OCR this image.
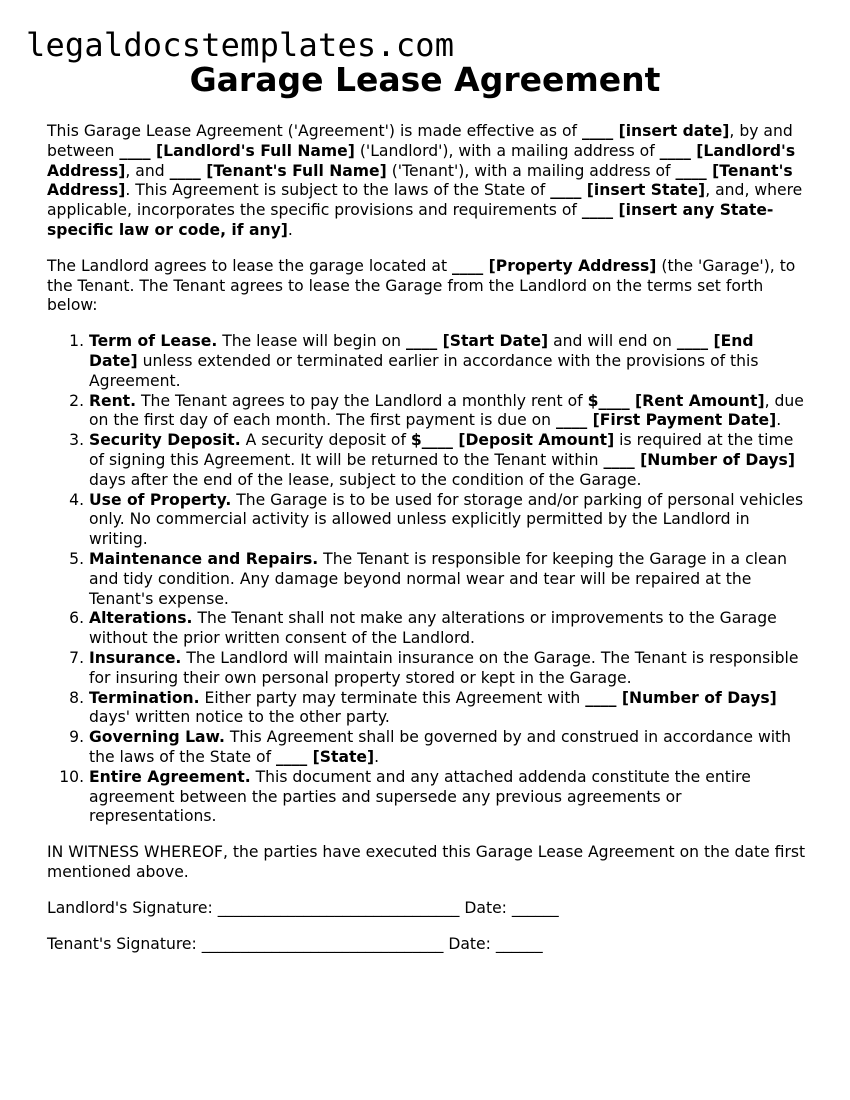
legaldocstemplates.com
Garage Lease Agreement

This Garage Lease Agreement ('Agreement') is made effective as of ____ [insert date], by and between ____ [Landlord's Full Name] ('Landlord'), with a mailing address of ____ [Landlord's Address], and ____ [Tenant's Full Name] ('Tenant'), with a mailing address of ____ [Tenant's Address]. This Agreement is subject to the laws of the State of ____ [insert State], and, where applicable, incorporates the specific provisions and requirements of ____ [insert any State-specific law or code, if any].

The Landlord agrees to lease the garage located at ____ [Property Address] (the 'Garage'), to the Tenant. The Tenant agrees to lease the Garage from the Landlord on the terms set forth below:

1. Term of Lease. The lease will begin on ____ [Start Date] and will end on ____ [End Date] unless extended or terminated earlier in accordance with the provisions of this Agreement.
2. Rent. The Tenant agrees to pay the Landlord a monthly rent of $____ [Rent Amount], due on the first day of each month. The first payment is due on ____ [First Payment Date].
3. Security Deposit. A security deposit of $____ [Deposit Amount] is required at the time of signing this Agreement. It will be returned to the Tenant within ____ [Number of Days] days after the end of the lease, subject to the condition of the Garage.
4. Use of Property. The Garage is to be used for storage and/or parking of personal vehicles only. No commercial activity is allowed unless explicitly permitted by the Landlord in writing.
5. Maintenance and Repairs. The Tenant is responsible for keeping the Garage in a clean and tidy condition. Any damage beyond normal wear and tear will be repaired at the Tenant's expense.
6. Alterations. The Tenant shall not make any alterations or improvements to the Garage without the prior written consent of the Landlord.
7. Insurance. The Landlord will maintain insurance on the Garage. The Tenant is responsible for insuring their own personal property stored or kept in the Garage.
8. Termination. Either party may terminate this Agreement with ____ [Number of Days] days' written notice to the other party.
9. Governing Law. This Agreement shall be governed by and construed in accordance with the laws of the State of ____ [State].
10. Entire Agreement. This document and any attached addenda constitute the entire agreement between the parties and supersede any previous agreements or representations.

IN WITNESS WHEREOF, the parties have executed this Garage Lease Agreement on the date first mentioned above.

Landlord's Signature: _______________________________ Date: ______
Tenant's Signature: _______________________________ Date: ______
